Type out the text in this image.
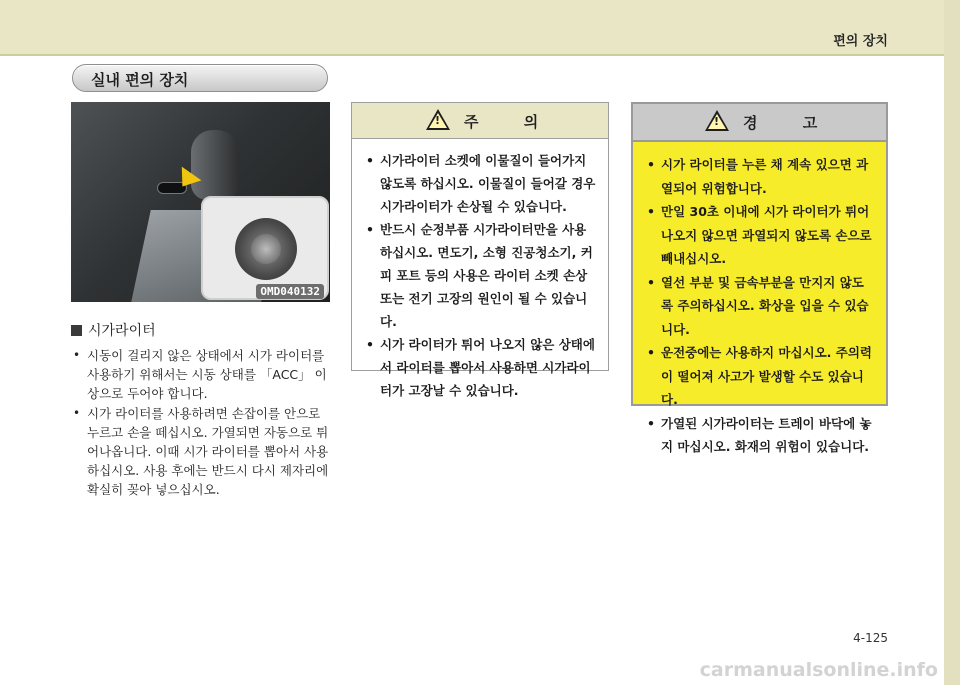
편의 장치
실내 편의 장치
OMD040132
시가라이터
• 시동이 걸리지 않은 상태에서 시가 라이터를 사용하기 위해서는 시동 상태를 「ACC」 이상으로 두어야 합니다.
• 시가 라이터를 사용하려면 손잡이를 안으로 누르고 손을 떼십시오. 가열되면 자동으로 튀어나옵니다. 이때 시가 라이터를 뽑아서 사용하십시오. 사용 후에는 반드시 다시 제자리에 확실히 꽂아 넣으십시오.
! 주 의
• 시가라이터 소켓에 이물질이 들어가지 않도록 하십시오. 이물질이 들어갈 경우 시가라이터가 손상될 수 있습니다.
• 반드시 순정부품 시가라이터만을 사용하십시오. 면도기, 소형 진공청소기, 커피 포트 등의 사용은 라이터 소켓 손상 또는 전기 고장의 원인이 될 수 있습니다.
• 시가 라이터가 튀어 나오지 않은 상태에서 라이터를 뽑아서 사용하면 시가라이터가 고장날 수 있습니다.
! 경 고
• 시가 라이터를 누른 채 계속 있으면 과열되어 위험합니다.
• 만일 30초 이내에 시가 라이터가 튀어 나오지 않으면 과열되지 않도록 손으로 빼내십시오.
• 열선 부분 및 금속부분을 만지지 않도록 주의하십시오. 화상을 입을 수 있습니다.
• 운전중에는 사용하지 마십시오. 주의력이 떨어져 사고가 발생할 수도 있습니다.
• 가열된 시가라이터는 트레이 바닥에 놓지 마십시오. 화재의 위험이 있습니다.
4-125
carmanualsonline.info
